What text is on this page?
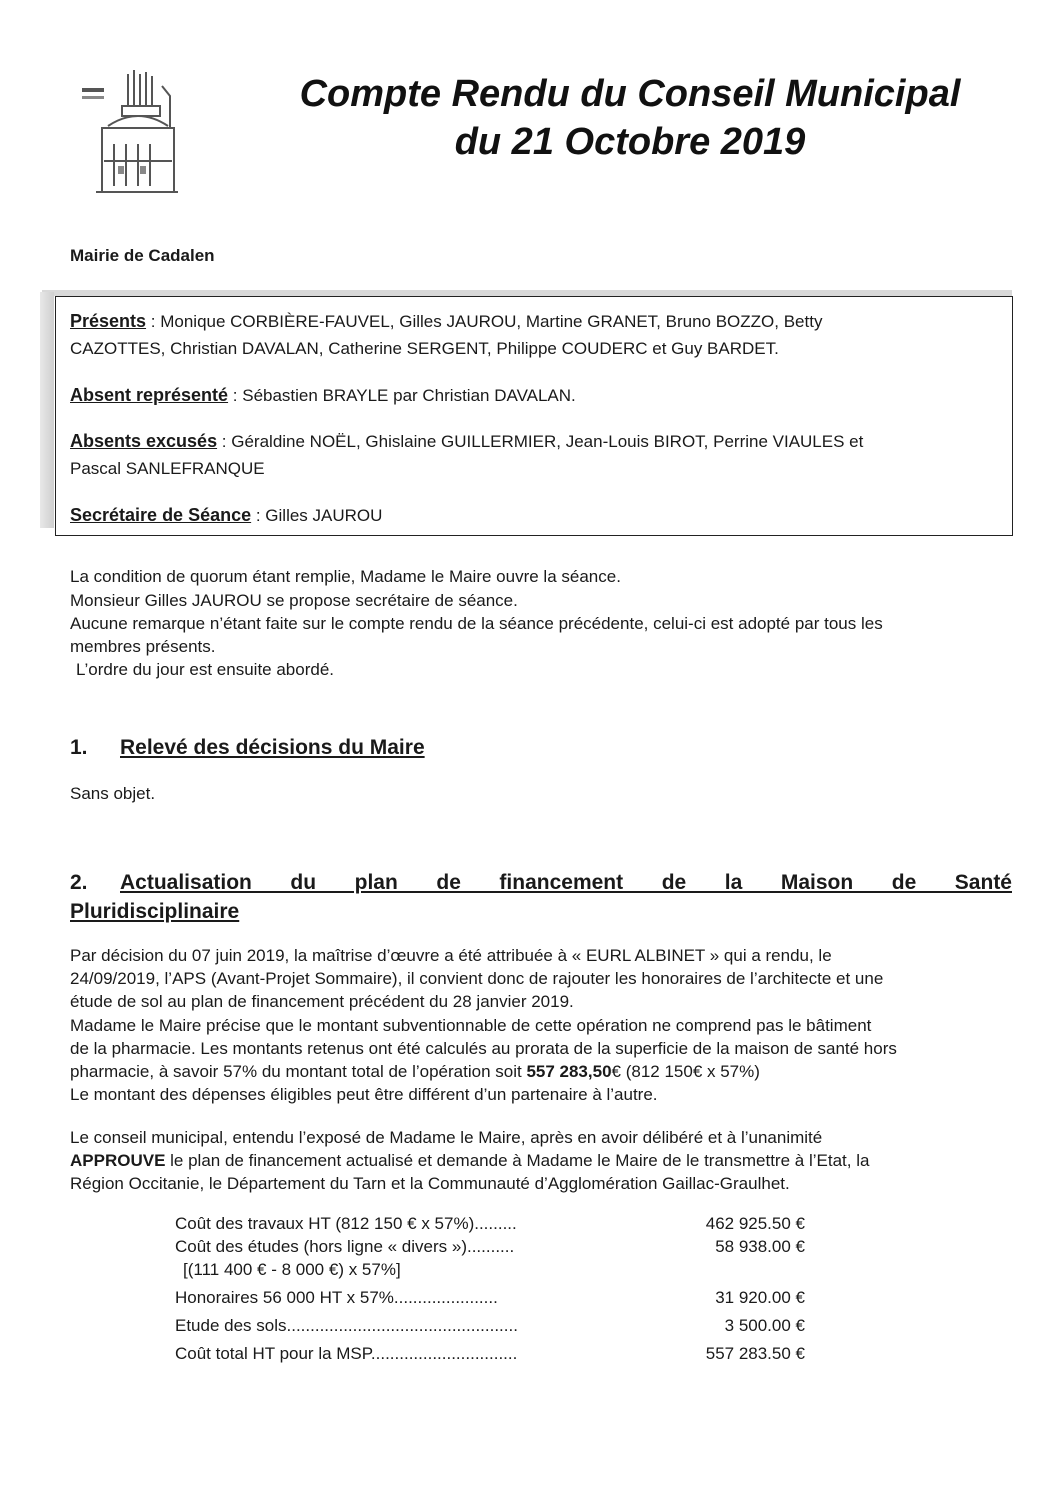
Compte Rendu du Conseil Municipal
du 21 Octobre 2019
Mairie de Cadalen
Présents : Monique CORBIÈRE-FAUVEL, Gilles JAUROU, Martine GRANET, Bruno BOZZO, Betty
CAZOTTES, Christian DAVALAN, Catherine SERGENT, Philippe COUDERC et Guy BARDET.
Absent représenté : Sébastien BRAYLE par Christian DAVALAN.
Absents excusés : Géraldine NOËL, Ghislaine GUILLERMIER, Jean-Louis BIROT, Perrine VIAULES et
Pascal SANLEFRANQUE
Secrétaire de Séance : Gilles JAUROU
La condition de quorum étant remplie, Madame le Maire ouvre la séance.
Monsieur Gilles JAUROU se propose secrétaire de séance.
Aucune remarque n’étant faite sur le compte rendu de la séance précédente, celui-ci est adopté par tous les
membres présents.
L’ordre du jour est ensuite abordé.
1. Relevé des décisions du Maire
Sans objet.
2. Actualisation du plan de financement de la Maison de Santé
Pluridisciplinaire
Par décision du 07 juin 2019, la maîtrise d’œuvre a été attribuée à « EURL ALBINET » qui a rendu, le
24/09/2019, l’APS (Avant-Projet Sommaire), il convient donc de rajouter les honoraires de l’architecte et une
étude de sol au plan de financement précédent du 28 janvier 2019.
Madame le Maire précise que le montant subventionnable de cette opération ne comprend pas le bâtiment
de la pharmacie. Les montants retenus ont été calculés au prorata de la superficie de la maison de santé hors
pharmacie, à savoir 57% du montant total de l’opération soit 557 283,50€ (812 150€ x 57%)
Le montant des dépenses éligibles peut être différent d’un partenaire à l’autre.
Le conseil municipal, entendu l’exposé de Madame le Maire, après en avoir délibéré et à l’unanimité
APPROUVE le plan de financement actualisé et demande à Madame le Maire de le transmettre à l’Etat, la
Région Occitanie, le Département du Tarn et la Communauté d’Agglomération Gaillac-Graulhet.
Coût des travaux HT (812 150 € x 57%).........	462 925.50 €
Coût des études (hors ligne « divers »)..........	58 938.00 €
[(111 400 € - 8 000 €) x 57%]
Honoraires 56 000 HT x 57%......................	31 920.00 €
Etude des sols.................................................	3 500.00 €
Coût total HT pour la MSP...............................	557 283.50 €
